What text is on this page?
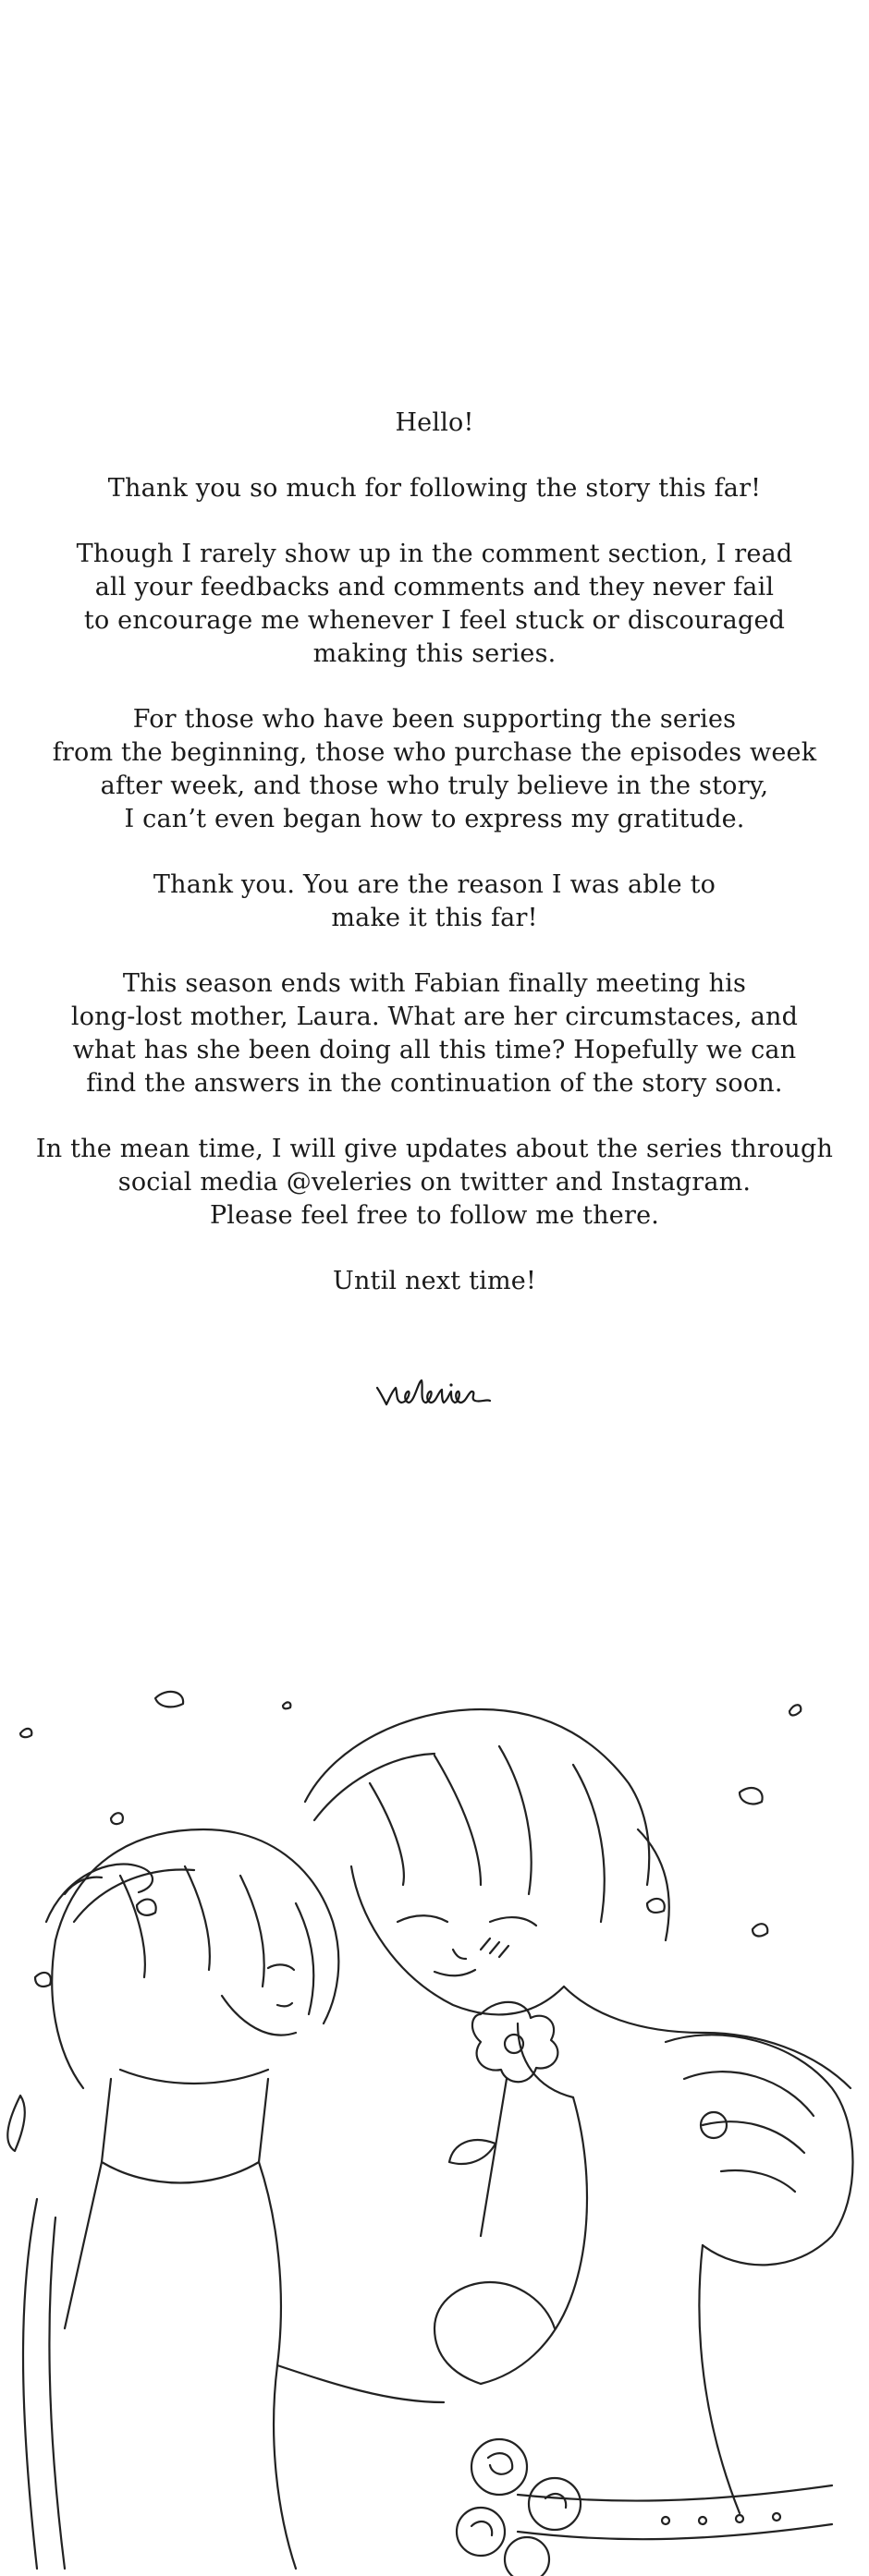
Hello!

Thank you so much for following the story this far!

Though I rarely show up in the comment section, I read
all your feedbacks and comments and they never fail
to encourage me whenever I feel stuck or discouraged
making this series.

For those who have been supporting the series
from the beginning, those who purchase the episodes week
after week, and those who truly believe in the story,
I can’t even began how to express my gratitude.

Thank you. You are the reason I was able to
make it this far!

This season ends with Fabian finally meeting his
long-lost mother, Laura. What are her circumstaces, and
what has she been doing all this time? Hopefully we can
find the answers in the continuation of the story soon.

In the mean time, I will give updates about the series through
social media @veleries on twitter and Instagram.
Please feel free to follow me there.

Until next time!
